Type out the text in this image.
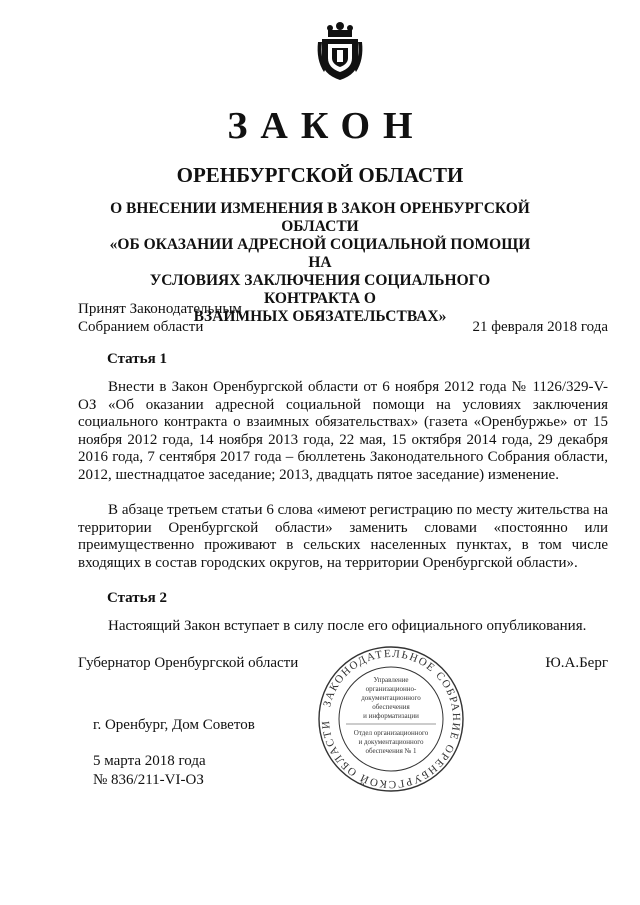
ЗАКОН
ОРЕНБУРГСКОЙ ОБЛАСТИ
О ВНЕСЕНИИ ИЗМЕНЕНИЯ В ЗАКОН ОРЕНБУРГСКОЙ ОБЛАСТИ
«ОБ ОКАЗАНИИ АДРЕСНОЙ СОЦИАЛЬНОЙ ПОМОЩИ НА
УСЛОВИЯХ ЗАКЛЮЧЕНИЯ СОЦИАЛЬНОГО КОНТРАКТА О
ВЗАИМНЫХ ОБЯЗАТЕЛЬСТВАХ»
Принят Законодательным
Собранием области	21 февраля 2018 года
Статья 1

Внести в Закон Оренбургской области от 6 ноября 2012 года № 1126/329-V-ОЗ «Об оказании адресной социальной помощи на условиях заключения социального контракта о взаимных обязательствах» (газета «Оренбуржье» от 15 ноября 2012 года, 14 ноября 2013 года, 22 мая, 15 октября 2014 года, 29 декабря 2016 года, 7 сентября 2017 года – бюллетень Законодательного Собрания области, 2012, шестнадцатое заседание; 2013, двадцать пятое заседание) изменение.

В абзаце третьем статьи 6 слова «имеют регистрацию по месту жительства на территории Оренбургской области» заменить словами «постоянно или преимущественно проживают в сельских населенных пунктах, в том числе входящих в состав городских округов, на территории Оренбургской области».

Статья 2

Настоящий Закон вступает в силу после его официального опубликования.

Губернатор Оренбургской области	Ю.А.Берг
ЗАКОНОДАТЕЛЬНОЕ СОБРАНИЕ ОРЕНБУРГСКОЙ ОБЛАСТИ
Управление
организационно-
документационного
обеспечения
и информатизации
Отдел организационного
и документационного
обеспечения № 1
г. Оренбург, Дом Советов
5 марта 2018 года
№ 836/211-VI-ОЗ
